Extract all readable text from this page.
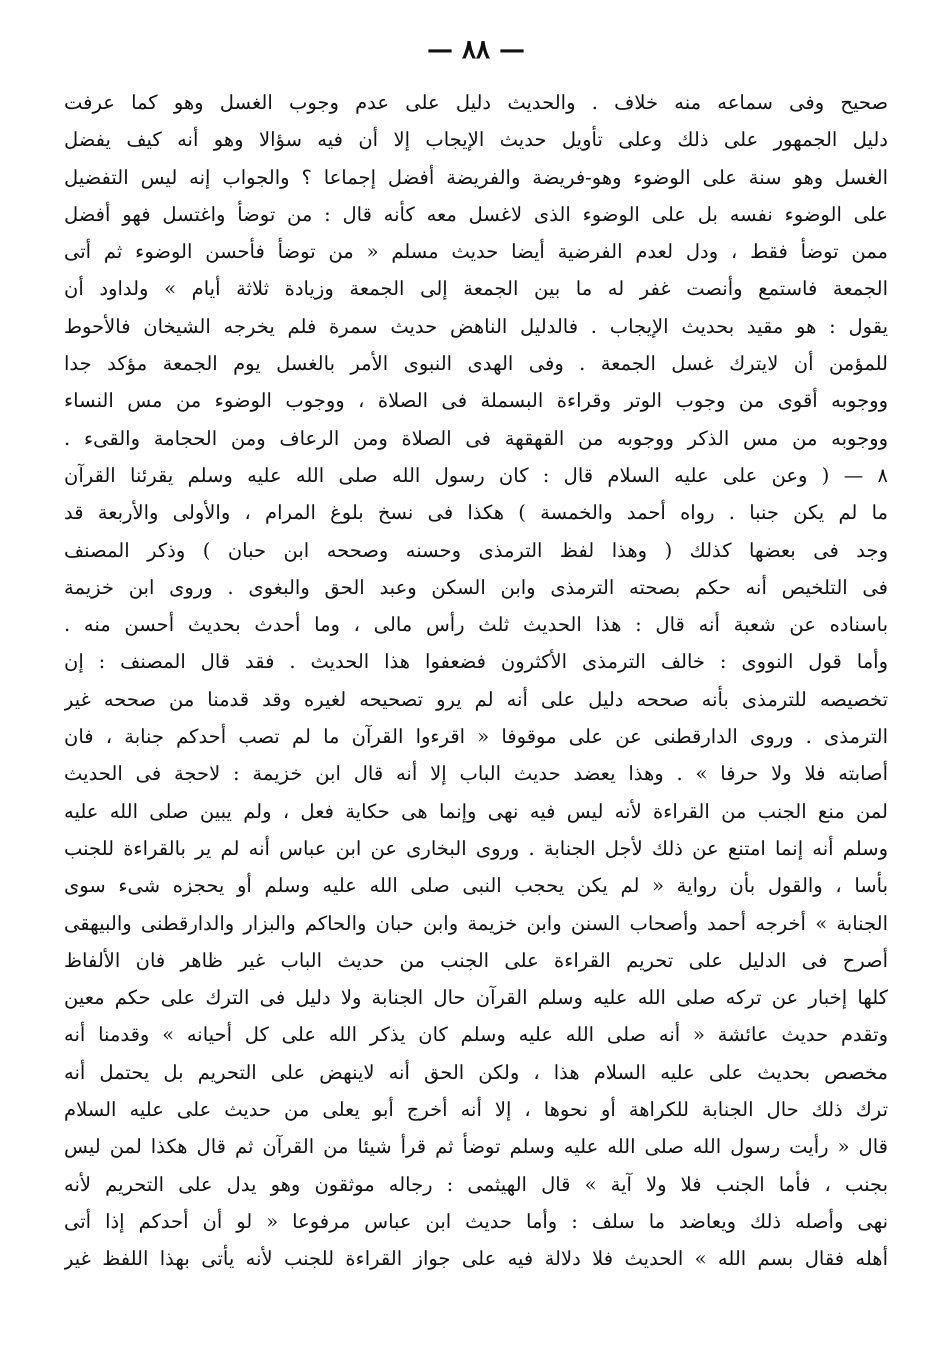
— ٨٨ —
صحيح وفى سماعه منه خلاف . والحديث دليل على عدم وجوب الغسل وهو كما عرفت
دليل الجمهور على ذلك وعلى تأويل حديث الإيجاب إلا أن فيه سؤالا وهو أنه كيف يفضل
الغسل وهو سنة على الوضوء وهو-فريضة والفريضة أفضل إجماعا ؟ والجواب إنه ليس التفضيل
على الوضوء نفسه بل على الوضوء الذى لاغسل معه كأنه قال : من توضأ واغتسل فهو أفضل
ممن توضأ فقط ، ودل لعدم الفرضية أيضا حديث مسلم « من توضأ فأحسن الوضوء ثم أتى
الجمعة فاستمع وأنصت غفر له ما بين الجمعة إلى الجمعة وزيادة ثلاثة أيام » ولداود أن
يقول : هو مقيد بحديث الإيجاب . فالدليل الناهض حديث سمرة فلم يخرجه الشيخان فالأحوط
للمؤمن أن لايترك غسل الجمعة . وفى الهدى النبوى الأمر بالغسل يوم الجمعة مؤكد جدا
ووجوبه أقوى من وجوب الوتر وقراءة البسملة فى الصلاة ، ووجوب الوضوء من مس النساء
ووجوبه من مس الذكر ووجوبه من القهقهة فى الصلاة ومن الرعاف ومن الحجامة والقىء .
٨ — ( وعن على عليه السلام قال : كان رسول الله صلى الله عليه وسلم يقرئنا القرآن
ما لم يكن جنبا . رواه أحمد والخمسة ) هكذا فى نسخ بلوغ المرام ، والأولى والأربعة قد
وجد فى بعضها كذلك ( وهذا لفظ الترمذى وحسنه وصححه ابن حبان ) وذكر المصنف
فى التلخيص أنه حكم بصحته الترمذى وابن السكن وعبد الحق والبغوى . وروى ابن خزيمة
باسناده عن شعبة أنه قال : هذا الحديث ثلث رأس مالى ، وما أحدث بحديث أحسن منه .
وأما قول النووى : خالف الترمذى الأكثرون فضعفوا هذا الحديث . فقد قال المصنف : إن
تخصيصه للترمذى بأنه صححه دليل على أنه لم يرو تصحيحه لغيره وقد قدمنا من صححه غير
الترمذى . وروى الدارقطنى عن على موقوفا « اقرءوا القرآن ما لم تصب أحدكم جنابة ، فان
أصابته فلا ولا حرفا » . وهذا يعضد حديث الباب إلا أنه قال ابن خزيمة : لاحجة فى الحديث
لمن منع الجنب من القراءة لأنه ليس فيه نهى وإنما هى حكاية فعل ، ولم يبين صلى الله عليه
وسلم أنه إنما امتنع عن ذلك لأجل الجنابة . وروى البخارى عن ابن عباس أنه لم ير بالقراءة للجنب
بأسا ، والقول بأن رواية « لم يكن يحجب النبى صلى الله عليه وسلم أو يحجزه شىء سوى
الجنابة » أخرجه أحمد وأصحاب السنن وابن خزيمة وابن حبان والحاكم والبزار والدارقطنى والبيهقى
أصرح فى الدليل على تحريم القراءة على الجنب من حديث الباب غير ظاهر فان الألفاظ
كلها إخبار عن تركه صلى الله عليه وسلم القرآن حال الجنابة ولا دليل فى الترك على حكم معين
وتقدم حديث عائشة « أنه صلى الله عليه وسلم كان يذكر الله على كل أحيانه » وقدمنا أنه
مخصص بحديث على عليه السلام هذا ، ولكن الحق أنه لاينهض على التحريم بل يحتمل أنه
ترك ذلك حال الجنابة للكراهة أو نحوها ، إلا أنه أخرج أبو يعلى من حديث على عليه السلام
قال « رأيت رسول الله صلى الله عليه وسلم توضأ ثم قرأ شيئا من القرآن ثم قال هكذا لمن ليس
بجنب ، فأما الجنب فلا ولا آية » قال الهيثمى : رجاله موثقون وهو يدل على التحريم لأنه
نهى وأصله ذلك ويعاضد ما سلف : وأما حديث ابن عباس مرفوعا « لو أن أحدكم إذا أتى
أهله فقال بسم الله » الحديث فلا دلالة فيه على جواز القراءة للجنب لأنه يأتى بهذا اللفظ غير
